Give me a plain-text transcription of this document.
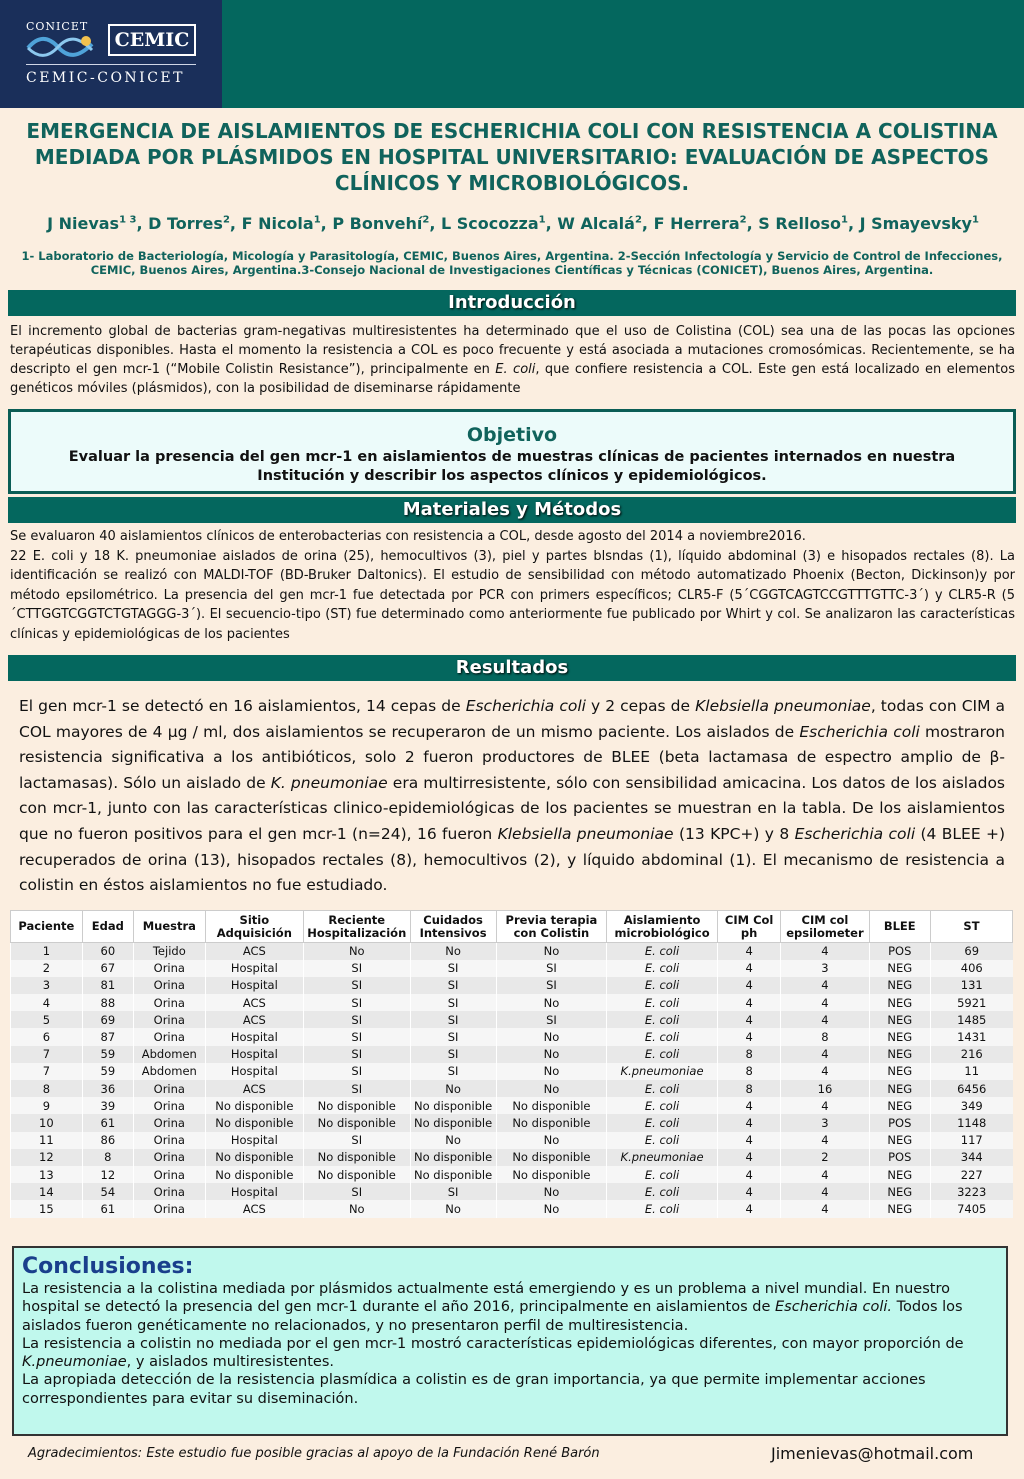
CONICET
CEMIC
CEMIC-CONICET
EMERGENCIA DE AISLAMIENTOS DE ESCHERICHIA COLI CON RESISTENCIA A COLISTINA MEDIADA POR PLÁSMIDOS EN HOSPITAL UNIVERSITARIO: EVALUACIÓN DE ASPECTOS CLÍNICOS Y MICROBIOLÓGICOS.
J Nievas$^{1 3}$, D Torres$^2$, F Nicola$^1$, P Bonvehí$^2$, L Scocozza$^1$, W Alcalá$^2$, F Herrera$^2$, S Relloso$^1$, J Smayevsky$^1$
1- Laboratorio de Bacteriología, Micología y Parasitología, CEMIC, Buenos Aires, Argentina. 2-Sección Infectología y Servicio de Control de Infecciones, CEMIC, Buenos Aires, Argentina.3-Consejo Nacional de Investigaciones Científicas y Técnicas (CONICET), Buenos Aires, Argentina.
Introducción
El incremento global de bacterias gram-negativas multiresistentes ha determinado que el uso de Colistina (COL) sea una de las pocas las opciones terapéuticas disponibles. Hasta el momento la resistencia a COL es poco frecuente y está asociada a mutaciones cromosómicas. Recientemente, se ha descripto el gen mcr-1 (“Mobile Colistin Resistance”), principalmente en E. coli, que confiere resistencia a COL. Este gen está localizado en elementos genéticos móviles (plásmidos), con la posibilidad de diseminarse rápidamente
Objetivo
Evaluar la presencia del gen mcr-1 en aislamientos de muestras clínicas de pacientes internados en nuestra Institución y describir los aspectos clínicos y epidemiológicos.
Materiales y Métodos
Se evaluaron 40 aislamientos clínicos de enterobacterias con resistencia a COL, desde agosto del 2014 a noviembre2016.
22 E. coli y 18 K. pneumoniae aislados de orina (25), hemocultivos (3), piel y partes blsndas (1), líquido abdominal (3) e hisopados rectales (8). La identificación se realizó con MALDI-TOF (BD-Bruker Daltonics). El estudio de sensibilidad con método automatizado Phoenix (Becton, Dickinson)y por método epsilométrico. La presencia del gen mcr-1 fue detectada por PCR con primers específicos; CLR5-F (5´CGGTCAGTCCGTTTGTTC-3´) y CLR5-R (5´CTTGGTCGGTCTGTAGGG-3´). El secuencio-tipo (ST) fue determinado como anteriormente fue publicado por Whirt y col. Se analizaron las características clínicas y epidemiológicas de los pacientes
Resultados
El gen mcr-1 se detectó en 16 aislamientos, 14 cepas de Escherichia coli y 2 cepas de Klebsiella pneumoniae, todas con CIM a COL mayores de 4 µg / ml, dos aislamientos se recuperaron de un mismo paciente. Los aislados de Escherichia coli mostraron resistencia significativa a los antibióticos, solo 2 fueron productores de BLEE (beta lactamasa de espectro amplio de β-lactamasas). Sólo un aislado de K. pneumoniae era multirresistente, sólo con sensibilidad amicacina. Los datos de los aislados con mcr-1, junto con las características clinico-epidemiológicas de los pacientes se muestran en la tabla. De los aislamientos que no fueron positivos para el gen mcr-1 (n=24), 16 fueron Klebsiella pneumoniae (13 KPC+) y 8 Escherichia coli (4 BLEE +) recuperados de orina (13), hisopados rectales (8), hemocultivos (2), y líquido abdominal (1). El mecanismo de resistencia a colistin en éstos aislamientos no fue estudiado.
Paciente	Edad	Muestra	Sitio Adquisición	Reciente Hospitalización	Cuidados Intensivos	Previa terapia con Colistin	Aislamiento microbiológico	CIM Col ph	CIM col epsilometer	BLEE	ST
1	60	Tejido	ACS	No	No	No	E. coli	4	4	POS	69
2	67	Orina	Hospital	SI	SI	SI	E. coli	4	3	NEG	406
3	81	Orina	Hospital	SI	SI	SI	E. coli	4	4	NEG	131
4	88	Orina	ACS	SI	SI	No	E. coli	4	4	NEG	5921
5	69	Orina	ACS	SI	SI	SI	E. coli	4	4	NEG	1485
6	87	Orina	Hospital	SI	SI	No	E. coli	4	8	NEG	1431
7	59	Abdomen	Hospital	SI	SI	No	E. coli	8	4	NEG	216
7	59	Abdomen	Hospital	SI	SI	No	K.pneumoniae	8	4	NEG	11
8	36	Orina	ACS	SI	No	No	E. coli	8	16	NEG	6456
9	39	Orina	No disponible	No disponible	No disponible	No disponible	E. coli	4	4	NEG	349
10	61	Orina	No disponible	No disponible	No disponible	No disponible	E. coli	4	3	POS	1148
11	86	Orina	Hospital	SI	No	No	E. coli	4	4	NEG	117
12	8	Orina	No disponible	No disponible	No disponible	No disponible	K.pneumoniae	4	2	POS	344
13	12	Orina	No disponible	No disponible	No disponible	No disponible	E. coli	4	4	NEG	227
14	54	Orina	Hospital	SI	SI	No	E. coli	4	4	NEG	3223
15	61	Orina	ACS	No	No	No	E. coli	4	4	NEG	7405
Conclusiones:
La resistencia a la colistina mediada por plásmidos actualmente está emergiendo y es un problema a nivel mundial. En nuestro hospital se detectó la presencia del gen mcr-1 durante el año 2016, principalmente en aislamientos de Escherichia coli. Todos los aislados fueron genéticamente no relacionados, y no presentaron perfil de multiresistencia.
La resistencia a colistin no mediada por el gen mcr-1 mostró características epidemiológicas diferentes, con mayor proporción de K.pneumoniae, y aislados multiresistentes.
La apropiada detección de la resistencia plasmídica a colistin es de gran importancia, ya que permite implementar acciones correspondientes para evitar su diseminación.
Agradecimientos: Este estudio fue posible gracias al apoyo de la Fundación René Barón	Jimenievas@hotmail.com
